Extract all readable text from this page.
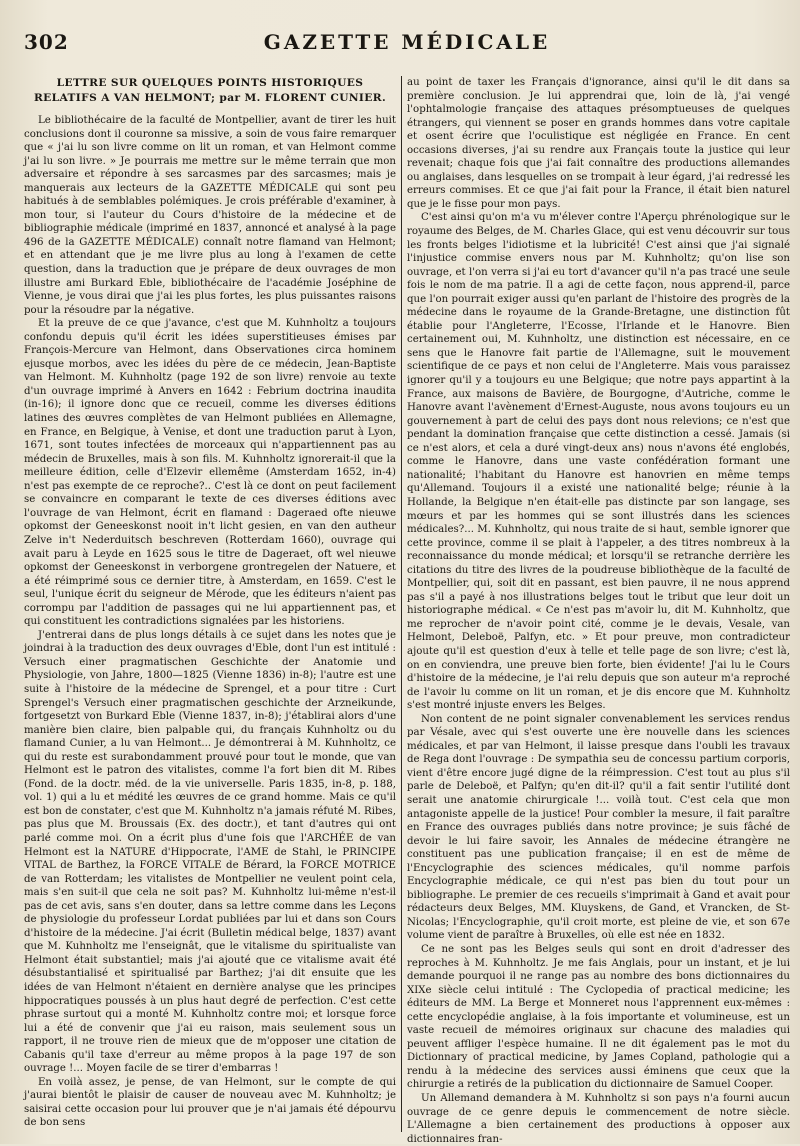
302	GAZETTE MÉDICALE
LETTRE SUR QUELQUES POINTS HISTORIQUES RELATIFS A VAN HELMONT; par M. FLORENT CUNIER.

Le bibliothécaire de la faculté de Montpellier, avant de tirer les huit conclusions dont il couronne sa missive, a soin de vous faire remarquer que « j'ai lu son livre comme on lit un roman, et van Helmont comme j'ai lu son livre. » Je pourrais me mettre sur le même terrain que mon adversaire et répondre à ses sarcasmes par des sarcasmes; mais je manquerais aux lecteurs de la GAZETTE MÉDICALE qui sont peu habitués à de semblables polémiques. Je crois préférable d'examiner, à mon tour, si l'auteur du Cours d'histoire de la médecine et de bibliographie médicale (imprimé en 1837, annoncé et analysé à la page 496 de la GAZETTE MÉDICALE) connaît notre flamand van Helmont; et en attendant que je me livre plus au long à l'examen de cette question, dans la traduction que je prépare de deux ouvrages de mon illustre ami Burkard Eble, bibliothécaire de l'académie Joséphine de Vienne, je vous dirai que j'ai les plus fortes, les plus puissantes raisons pour la résoudre par la négative.

Et la preuve de ce que j'avance, c'est que M. Kuhnholtz a toujours confondu depuis qu'il écrit les idées superstitieuses émises par François-Mercure van Helmont, dans Observationes circa hominem ejusque morbos, avec les idées du père de ce médecin, Jean-Baptiste van Helmont. M. Kuhnholtz (page 192 de son livre) renvoie au texte d'un ouvrage imprimé à Anvers en 1642 : Febrium doctrina inaudita (in-16); il ignore donc que ce recueil, comme les diverses éditions latines des œuvres complètes de van Helmont publiées en Allemagne, en France, en Belgique, à Venise, et dont une traduction parut à Lyon, 1671, sont toutes infectées de morceaux qui n'appartiennent pas au médecin de Bruxelles, mais à son fils. M. Kuhnholtz ignorerait-il que la meilleure édition, celle d'Elzevir ellemême (Amsterdam 1652, in-4) n'est pas exempte de ce reproche?.. C'est là ce dont on peut facilement se convaincre en comparant le texte de ces diverses éditions avec l'ouvrage de van Helmont, écrit en flamand : Dageraed ofte nieuwe opkomst der Geneeskonst nooit in't licht gesien, en van den autheur Zelve in't Nederduitsch beschreven (Rotterdam 1660), ouvrage qui avait paru à Leyde en 1625 sous le titre de Dageraet, oft wel nieuwe opkomst der Geneeskonst in verborgene grontregelen der Natuere, et a été réimprimé sous ce dernier titre, à Amsterdam, en 1659. C'est le seul, l'unique écrit du seigneur de Mérode, que les éditeurs n'aient pas corrompu par l'addition de passages qui ne lui appartiennent pas, et qui constituent les contradictions signalées par les historiens.

J'entrerai dans de plus longs détails à ce sujet dans les notes que je joindrai à la traduction des deux ouvrages d'Eble, dont l'un est intitulé : Versuch einer pragmatischen Geschichte der Anatomie und Physiologie, von Jahre, 1800—1825 (Vienne 1836) in-8); l'autre est une suite à l'histoire de la médecine de Sprengel, et a pour titre : Curt Sprengel's Versuch einer pragmatischen geschichte der Arzneikunde, fortgesetzt von Burkard Eble (Vienne 1837, in-8); j'établirai alors d'une manière bien claire, bien palpable qui, du français Kuhnholtz ou du flamand Cunier, a lu van Helmont... Je démontrerai à M. Kuhnholtz, ce qui du reste est surabondamment prouvé pour tout le monde, que van Helmont est le patron des vitalistes, comme l'a fort bien dit M. Ribes (Fond. de la doctr. méd. de la vie universelle. Paris 1835, in-8, p. 188, vol. 1) qui a lu et médité les œuvres de ce grand homme. Mais ce qu'il est bon de constater, c'est que M. Kuhnholtz n'a jamais réfuté M. Ribes, pas plus que M. Broussais (Ex. des doctr.), et tant d'autres qui ont parlé comme moi. On a écrit plus d'une fois que l'ARCHÉE de van Helmont est la NATURE d'Hippocrate, l'AME de Stahl, le PRINCIPE VITAL de Barthez, la FORCE VITALE de Bérard, la FORCE MOTRICE de van Rotterdam; les vitalistes de Montpellier ne veulent point cela, mais s'en suit-il que cela ne soit pas? M. Kuhnholtz lui-même n'est-il pas de cet avis, sans s'en douter, dans sa lettre comme dans les Leçons de physiologie du professeur Lordat publiées par lui et dans son Cours d'histoire de la médecine. J'ai écrit (Bulletin médical belge, 1837) avant que M. Kuhnholtz me l'enseignât, que le vitalisme du spiritualiste van Helmont était substantiel; mais j'ai ajouté que ce vitalisme avait été désubstantialisé et spiritualisé par Barthez; j'ai dit ensuite que les idées de van Helmont n'étaient en dernière analyse que les principes hippocratiques poussés à un plus haut degré de perfection. C'est cette phrase surtout qui a monté M. Kuhnholtz contre moi; et lorsque force lui a été de convenir que j'ai eu raison, mais seulement sous un rapport, il ne trouve rien de mieux que de m'opposer une citation de Cabanis qu'il taxe d'erreur au même propos à la page 197 de son ouvrage !... Moyen facile de se tirer d'embarras !

En voilà assez, je pense, de van Helmont, sur le compte de qui j'aurai bientôt le plaisir de causer de nouveau avec M. Kuhnholtz; je saisirai cette occasion pour lui prouver que je n'ai jamais été dépourvu de bon sens

au point de taxer les Français d'ignorance, ainsi qu'il le dit dans sa première conclusion. Je lui apprendrai que, loin de là, j'ai vengé l'ophtalmologie française des attaques présomptueuses de quelques étrangers, qui viennent se poser en grands hommes dans votre capitale et osent écrire que l'oculistique est négligée en France. En cent occasions diverses, j'ai su rendre aux Français toute la justice qui leur revenait; chaque fois que j'ai fait connaître des productions allemandes ou anglaises, dans lesquelles on se trompait à leur égard, j'ai redressé les erreurs commises. Et ce que j'ai fait pour la France, il était bien naturel que je le fisse pour mon pays.

C'est ainsi qu'on m'a vu m'élever contre l'Aperçu phrénologique sur le royaume des Belges, de M. Charles Glace, qui est venu découvrir sur tous les fronts belges l'idiotisme et la lubricité! C'est ainsi que j'ai signalé l'injustice commise envers nous par M. Kuhnholtz; qu'on lise son ouvrage, et l'on verra si j'ai eu tort d'avancer qu'il n'a pas tracé une seule fois le nom de ma patrie. Il a agi de cette façon, nous apprend-il, parce que l'on pourrait exiger aussi qu'en parlant de l'histoire des progrès de la médecine dans le royaume de la Grande-Bretagne, une distinction fût établie pour l'Angleterre, l'Ecosse, l'Irlande et le Hanovre. Bien certainement oui, M. Kuhnholtz, une distinction est nécessaire, en ce sens que le Hanovre fait partie de l'Allemagne, suit le mouvement scientifique de ce pays et non celui de l'Angleterre. Mais vous paraissez ignorer qu'il y a toujours eu une Belgique; que notre pays appartint à la France, aux maisons de Bavière, de Bourgogne, d'Autriche, comme le Hanovre avant l'avènement d'Ernest-Auguste, nous avons toujours eu un gouvernement à part de celui des pays dont nous relevions; ce n'est que pendant la domination française que cette distinction a cessé. Jamais (si ce n'est alors, et cela a duré vingt-deux ans) nous n'avons été englobés, comme le Hanovre, dans une vaste confédération formant une nationalité; l'habitant du Hanovre est hanovrien en même temps qu'Allemand. Toujours il a existé une nationalité belge; réunie à la Hollande, la Belgique n'en était-elle pas distincte par son langage, ses mœurs et par les hommes qui se sont illustrés dans les sciences médicales?... M. Kuhnholtz, qui nous traite de si haut, semble ignorer que cette province, comme il se plait à l'appeler, a des titres nombreux à la reconnaissance du monde médical; et lorsqu'il se retranche derrière les citations du titre des livres de la poudreuse bibliothèque de la faculté de Montpellier, qui, soit dit en passant, est bien pauvre, il ne nous apprend pas s'il a payé à nos illustrations belges tout le tribut que leur doit un historiographe médical. « Ce n'est pas m'avoir lu, dit M. Kuhnholtz, que me reprocher de n'avoir point cité, comme je le devais, Vesale, van Helmont, Deleboë, Palfyn, etc. » Et pour preuve, mon contradicteur ajoute qu'il est question d'eux à telle et telle page de son livre; c'est là, on en conviendra, une preuve bien forte, bien évidente! J'ai lu le Cours d'histoire de la médecine, je l'ai relu depuis que son auteur m'a reproché de l'avoir lu comme on lit un roman, et je dis encore que M. Kuhnholtz s'est montré injuste envers les Belges.

Non content de ne point signaler convenablement les services rendus par Vésale, avec qui s'est ouverte une ère nouvelle dans les sciences médicales, et par van Helmont, il laisse presque dans l'oubli les travaux de Rega dont l'ouvrage : De sympathia seu de concessu partium corporis, vient d'être encore jugé digne de la réimpression. C'est tout au plus s'il parle de Deleboë, et Palfyn; qu'en dit-il? qu'il a fait sentir l'utilité dont serait une anatomie chirurgicale !... voilà tout. C'est cela que mon antagoniste appelle de la justice! Pour combler la mesure, il fait paraître en France des ouvrages publiés dans notre province; je suis fâché de devoir le lui faire savoir, les Annales de médecine étrangère ne constituent pas une publication française; il en est de même de l'Encyclographie des sciences médicales, qu'il nomme parfois Encyclographie médicale, ce qui n'est pas bien du tout pour un bibliographe. Le premier de ces recueils s'imprimait à Gand et avait pour rédacteurs deux Belges, MM. Kluyskens, de Gand, et Vrancken, de St-Nicolas; l'Encyclographie, qu'il croit morte, est pleine de vie, et son 67e volume vient de paraître à Bruxelles, où elle est née en 1832.

Ce ne sont pas les Belges seuls qui sont en droit d'adresser des reproches à M. Kuhnholtz. Je me fais Anglais, pour un instant, et je lui demande pourquoi il ne range pas au nombre des bons dictionnaires du XIXe siècle celui intitulé : The Cyclopedia of practical medicine; les éditeurs de MM. La Berge et Monneret nous l'apprennent eux-mêmes : cette encyclopédie anglaise, à la fois importante et volumineuse, est un vaste recueil de mémoires originaux sur chacune des maladies qui peuvent affliger l'espèce humaine. Il ne dit également pas le mot du Dictionnary of practical medicine, by James Copland, pathologie qui a rendu à la médecine des services aussi éminens que ceux que la chirurgie a retirés de la publication du dictionnaire de Samuel Cooper.

Un Allemand demandera à M. Kuhnholtz si son pays n'a fourni aucun ouvrage de ce genre depuis le commencement de notre siècle. L'Allemagne a bien certainement des productions à opposer aux dictionnaires fran-
